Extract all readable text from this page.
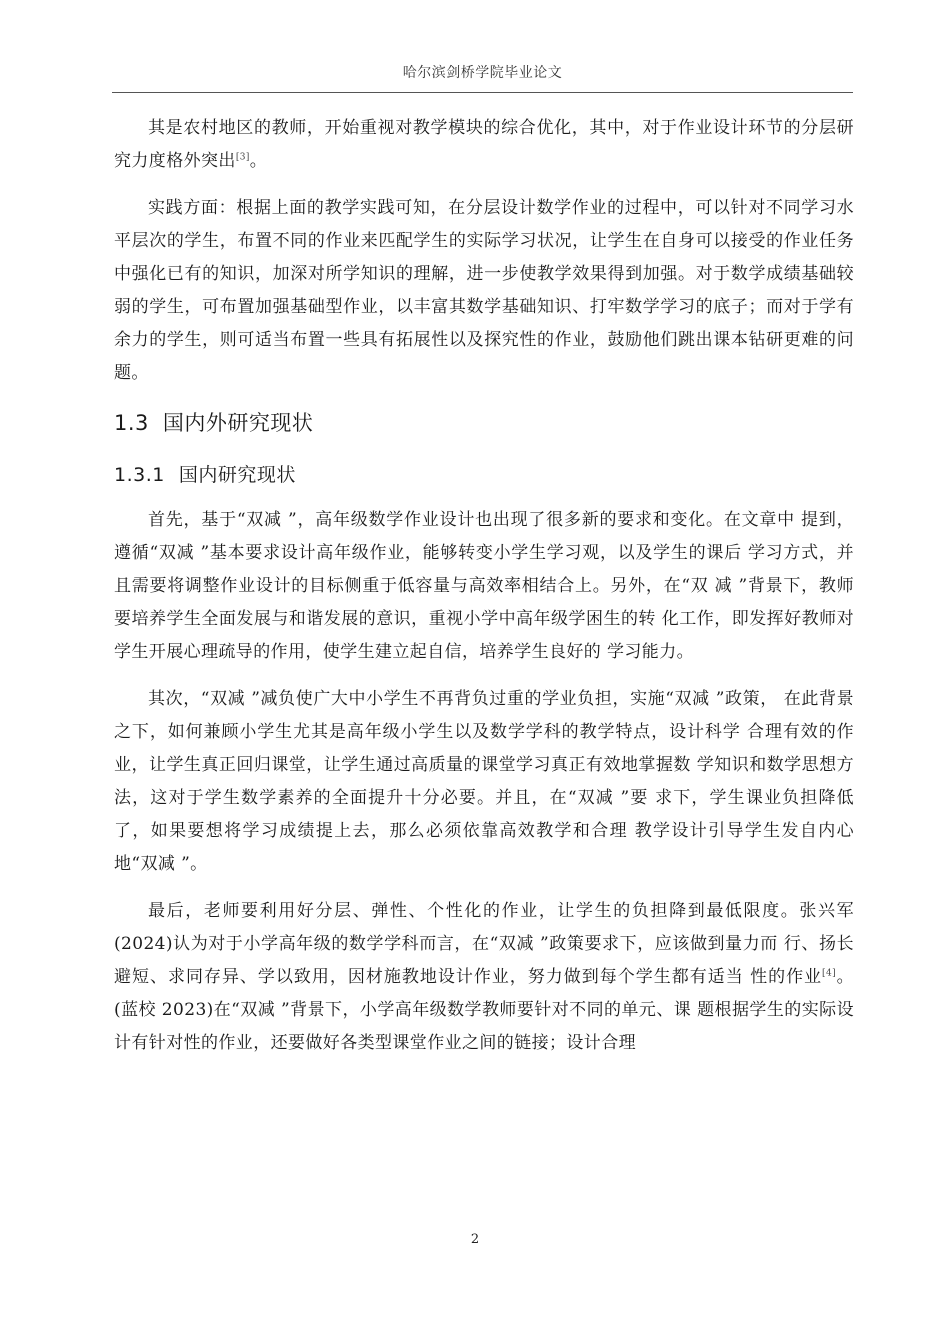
哈尔滨剑桥学院毕业论文

其是农村地区的教师，开始重视对教学模块的综合优化，其中，对于作业设计环节的分层研究力度格外突出[3]。

实践方面：根据上面的教学实践可知，在分层设计数学作业的过程中，可以针对不同学习水平层次的学生，布置不同的作业来匹配学生的实际学习状况，让学生在自身可以接受的作业任务中强化已有的知识，加深对所学知识的理解，进一步使教学效果得到加强。对于数学成绩基础较弱的学生，可布置加强基础型作业，以丰富其数学基础知识、打牢数学学习的底子；而对于学有余力的学生，则可适当布置一些具有拓展性以及探究性的作业，鼓励他们跳出课本钻研更难的问题。

1.3 国内外研究现状
1.3.1 国内研究现状

首先，基于“双减 ”，高年级数学作业设计也出现了很多新的要求和变化。在文章中 提到，遵循“双减 ”基本要求设计高年级作业，能够转变小学生学习观，以及学生的课后 学习方式，并且需要将调整作业设计的目标侧重于低容量与高效率相结合上。另外，在“双 减 ”背景下，教师要培养学生全面发展与和谐发展的意识，重视小学中高年级学困生的转 化工作，即发挥好教师对学生开展心理疏导的作用，使学生建立起自信，培养学生良好的 学习能力。

其次，“双减 ”减负使广大中小学生不再背负过重的学业负担，实施“双减 ”政策， 在此背景之下，如何兼顾小学生尤其是高年级小学生以及数学学科的教学特点，设计科学 合理有效的作业，让学生真正回归课堂，让学生通过高质量的课堂学习真正有效地掌握数 学知识和数学思想方法，这对于学生数学素养的全面提升十分必要。并且，在“双减 ”要 求下，学生课业负担降低了，如果要想将学习成绩提上去，那么必须依靠高效教学和合理 教学设计引导学生发自内心地“双减 ”。

最后，老师要利用好分层、弹性、个性化的作业，让学生的负担降到最低限度。张兴军(2024)认为对于小学高年级的数学学科而言，在“双减 ”政策要求下，应该做到量力而 行、扬长避短、求同存异、学以致用，因材施教地设计作业，努力做到每个学生都有适当 性的作业[4]。 (蓝校 2023)在“双减 ”背景下，小学高年级数学教师要针对不同的单元、课 题根据学生的实际设计有针对性的作业，还要做好各类型课堂作业之间的链接；设计合理

2
